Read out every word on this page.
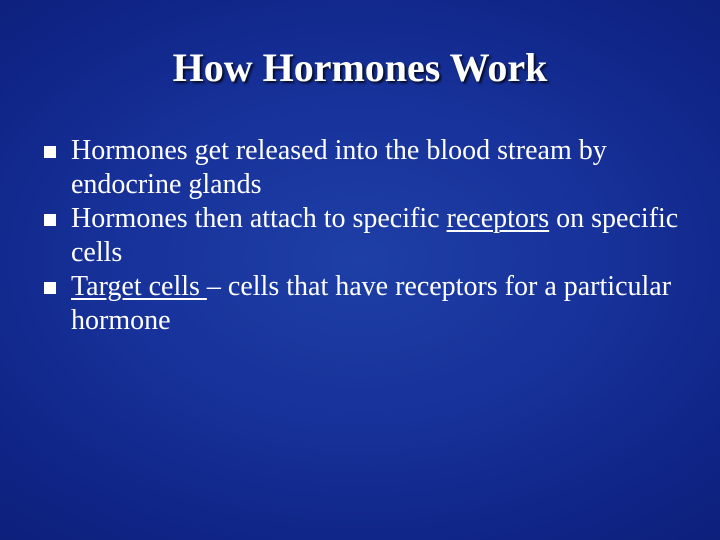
How Hormones Work
Hormones get released into the blood stream by endocrine glands
Hormones then attach to specific receptors on specific cells
Target cells – cells that have receptors for a particular hormone
